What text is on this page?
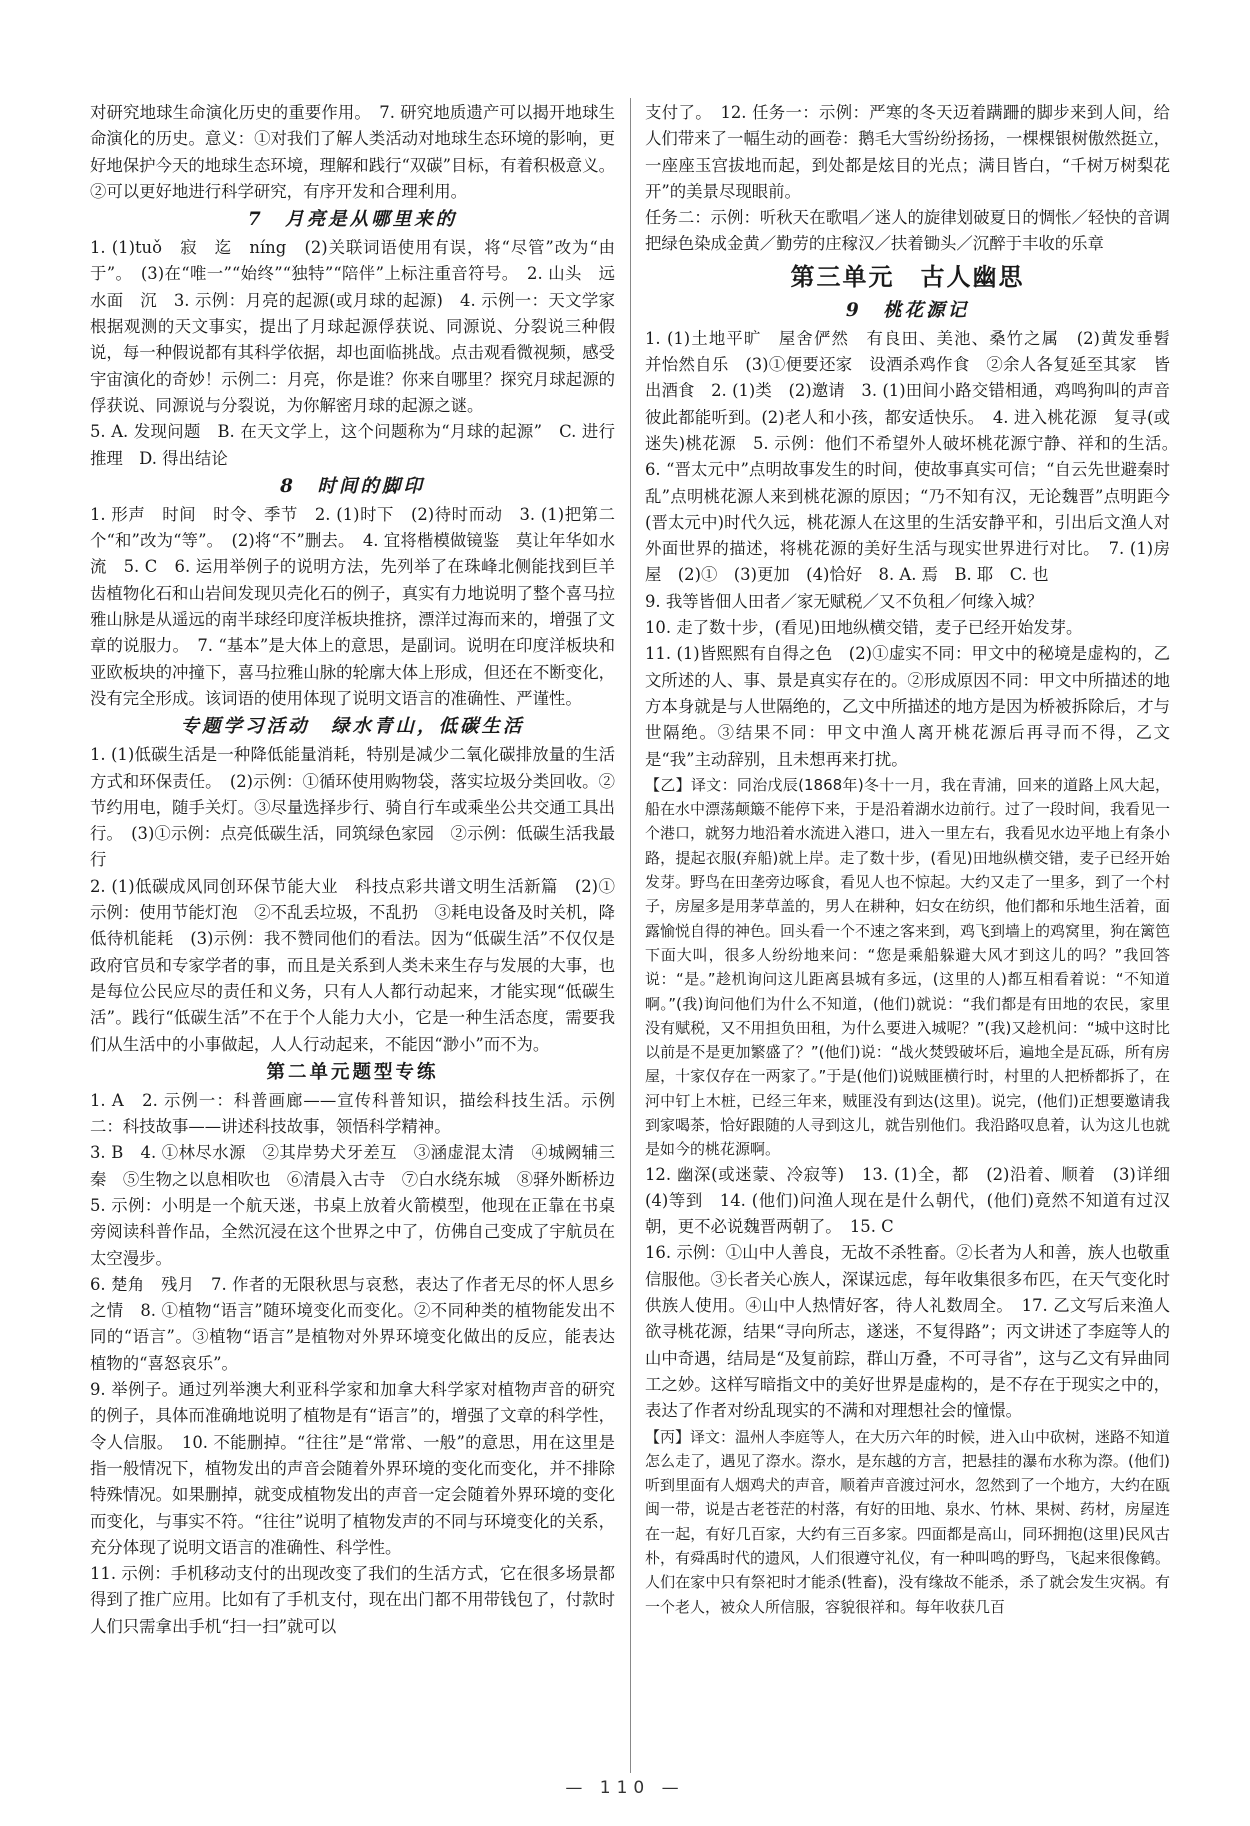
对研究地球生命演化历史的重要作用。　7. 研究地质遗产可以揭开地球生命演化的历史。意义：①对我们了解人类活动对地球生态环境的影响，更好地保护今天的地球生态环境，理解和践行“双碳”目标，有着积极意义。②可以更好地进行科学研究，有序开发和合理利用。

7　月亮是从哪里来的

1. (1)tuǒ　寂　迄　níng　(2)关联词语使用有误，将“尽管”改为“由于”。　(3)在“唯一”“始终”“独特”“陪伴”上标注重音符号。　2. 山头　远　水面　沉　3. 示例：月亮的起源(或月球的起源)　4. 示例一：天文学家根据观测的天文事实，提出了月球起源俘获说、同源说、分裂说三种假说，每一种假说都有其科学依据，却也面临挑战。点击观看微视频，感受宇宙演化的奇妙！示例二：月亮，你是谁？你来自哪里？探究月球起源的俘获说、同源说与分裂说，为你解密月球的起源之谜。

5. A. 发现问题　B. 在天文学上，这个问题称为“月球的起源”　C. 进行推理　D. 得出结论

8　时间的脚印

1. 形声　时间　时令、季节　2. (1)时下　(2)待时而动　3. (1)把第二个“和”改为“等”。　(2)将“不”删去。　4. 宜将楷模做镜鉴　莫让年华如水流　5. C　6. 运用举例子的说明方法，先列举了在珠峰北侧能找到巨羊齿植物化石和山岩间发现贝壳化石的例子，真实有力地说明了整个喜马拉雅山脉是从遥远的南半球经印度洋板块推挤，漂洋过海而来的，增强了文章的说服力。　7. “基本”是大体上的意思，是副词。说明在印度洋板块和亚欧板块的冲撞下，喜马拉雅山脉的轮廓大体上形成，但还在不断变化，没有完全形成。该词语的使用体现了说明文语言的准确性、严谨性。

专题学习活动　绿水青山，低碳生活

1. (1)低碳生活是一种降低能量消耗，特别是减少二氧化碳排放量的生活方式和环保责任。　(2)示例：①循环使用购物袋，落实垃圾分类回收。②节约用电，随手关灯。③尽量选择步行、骑自行车或乘坐公共交通工具出行。　(3)①示例：点亮低碳生活，同筑绿色家园　②示例：低碳生活我最行

2. (1)低碳成风同创环保节能大业　科技点彩共谱文明生活新篇　(2)①示例：使用节能灯泡　②不乱丢垃圾，不乱扔　③耗电设备及时关机，降低待机能耗　(3)示例：我不赞同他们的看法。因为“低碳生活”不仅仅是政府官员和专家学者的事，而且是关系到人类未来生存与发展的大事，也是每位公民应尽的责任和义务，只有人人都行动起来，才能实现“低碳生活”。践行“低碳生活”不在于个人能力大小，它是一种生活态度，需要我们从生活中的小事做起，人人行动起来，不能因“渺小”而不为。

第二单元题型专练

1. A　2. 示例一：科普画廊——宣传科普知识，描绘科技生活。示例二：科技故事——讲述科技故事，领悟科学精神。

3. B　4. ①林尽水源　②其岸势犬牙差互　③涵虚混太清　④城阙辅三秦　⑤生物之以息相吹也　⑥清晨入古寺　⑦白水绕东城　⑧驿外断桥边　5. 示例：小明是一个航天迷，书桌上放着火箭模型，他现在正靠在书桌旁阅读科普作品，全然沉浸在这个世界之中了，仿佛自己变成了宇航员在太空漫步。

6. 楚角　残月　7. 作者的无限秋思与哀愁，表达了作者无尽的怀人思乡之情　8. ①植物“语言”随环境变化而变化。②不同种类的植物能发出不同的“语言”。③植物“语言”是植物对外界环境变化做出的反应，能表达植物的“喜怒哀乐”。

9. 举例子。通过列举澳大利亚科学家和加拿大科学家对植物声音的研究的例子，具体而准确地说明了植物是有“语言”的，增强了文章的科学性，令人信服。　10. 不能删掉。“往往”是“常常、一般”的意思，用在这里是指一般情况下，植物发出的声音会随着外界环境的变化而变化，并不排除特殊情况。如果删掉，就变成植物发出的声音一定会随着外界环境的变化而变化，与事实不符。“往往”说明了植物发声的不同与环境变化的关系，充分体现了说明文语言的准确性、科学性。

11. 示例：手机移动支付的出现改变了我们的生活方式，它在很多场景都得到了推广应用。比如有了手机支付，现在出门都不用带钱包了，付款时人们只需拿出手机“扫一扫”就可以

支付了。　12. 任务一：示例：严寒的冬天迈着蹒跚的脚步来到人间，给人们带来了一幅生动的画卷：鹅毛大雪纷纷扬扬，一棵棵银树傲然挺立，一座座玉宫拔地而起，到处都是炫目的光点；满目皆白，“千树万树梨花开”的美景尽现眼前。

任务二：示例：听秋天在歌唱／迷人的旋律划破夏日的惆怅／轻快的音调把绿色染成金黄／勤劳的庄稼汉／扶着锄头／沉醉于丰收的乐章

第三单元　古人幽思

9　桃花源记

1. (1)土地平旷　屋舍俨然　有良田、美池、桑竹之属　(2)黄发垂髫　并怡然自乐　(3)①便要还家　设酒杀鸡作食　②余人各复延至其家　皆出酒食　2. (1)类　(2)邀请　3. (1)田间小路交错相通，鸡鸣狗叫的声音彼此都能听到。(2)老人和小孩，都安适快乐。　4. 进入桃花源　复寻(或迷失)桃花源　5. 示例：他们不希望外人破坏桃花源宁静、祥和的生活。　6. “晋太元中”点明故事发生的时间，使故事真实可信；“自云先世避秦时乱”点明桃花源人来到桃花源的原因；“乃不知有汉，无论魏晋”点明距今(晋太元中)时代久远，桃花源人在这里的生活安静平和，引出后文渔人对外面世界的描述，将桃花源的美好生活与现实世界进行对比。　7. (1)房屋　(2)①　(3)更加　(4)恰好　8. A. 焉　B. 耶　C. 也

9. 我等皆佃人田者／家无赋税／又不负租／何缘入城？

10. 走了数十步，(看见)田地纵横交错，麦子已经开始发芽。

11. (1)皆熙熙有自得之色　(2)①虚实不同：甲文中的秘境是虚构的，乙文所述的人、事、景是真实存在的。②形成原因不同：甲文中所描述的地方本身就是与人世隔绝的，乙文中所描述的地方是因为桥被拆除后，才与世隔绝。③结果不同：甲文中渔人离开桃花源后再寻而不得，乙文是“我”主动辞别，且未想再来打扰。

【乙】译文：同治戊辰(1868年)冬十一月，我在青浦，回来的道路上风大起，船在水中漂荡颠簸不能停下来，于是沿着湖水边前行。过了一段时间，我看见一个港口，就努力地沿着水流进入港口，进入一里左右，我看见水边平地上有条小路，提起衣服(弃船)就上岸。走了数十步，(看见)田地纵横交错，麦子已经开始发芽。野鸟在田垄旁边啄食，看见人也不惊起。大约又走了一里多，到了一个村子，房屋多是用茅草盖的，男人在耕种，妇女在纺织，他们都和乐地生活着，面露愉悦自得的神色。回头看一个不速之客来到，鸡飞到墙上的鸡窝里，狗在篱笆下面大叫，很多人纷纷地来问：“您是乘船躲避大风才到这儿的吗？”我回答说：“是。”趁机询问这儿距离县城有多远，(这里的人)都互相看着说：“不知道啊。”(我)询问他们为什么不知道，(他们)就说：“我们都是有田地的农民，家里没有赋税，又不用担负田租，为什么要进入城呢？”(我)又趁机问：“城中这时比以前是不是更加繁盛了？”(他们)说：“战火焚毁破坏后，遍地全是瓦砾，所有房屋，十家仅存在一两家了。”于是(他们)说贼匪横行时，村里的人把桥都拆了，在河中钉上木桩，已经三年来，贼匪没有到达(这里)。说完，(他们)正想要邀请我到家喝茶，恰好跟随的人寻到这儿，就告别他们。我沿路叹息着，认为这儿也就是如今的桃花源啊。

12. 幽深(或迷蒙、冷寂等)　13. (1)全，都　(2)沿着、顺着　(3)详细　(4)等到　14. (他们)问渔人现在是什么朝代，(他们)竟然不知道有过汉朝，更不必说魏晋两朝了。　15. C

16. 示例：①山中人善良，无故不杀牲畜。②长者为人和善，族人也敬重信服他。③长者关心族人，深谋远虑，每年收集很多布匹，在天气变化时供族人使用。④山中人热情好客，待人礼数周全。　17. 乙文写后来渔人欲寻桃花源，结果“寻向所志，遂迷，不复得路”；丙文讲述了李庭等人的山中奇遇，结局是“及复前踪，群山万叠，不可寻省”，这与乙文有异曲同工之妙。这样写暗指文中的美好世界是虚构的，是不存在于现实之中的，表达了作者对纷乱现实的不满和对理想社会的憧憬。

【丙】译文：温州人李庭等人，在大历六年的时候，进入山中砍树，迷路不知道怎么走了，遇见了漈水。漈水，是东越的方言，把悬挂的瀑布水称为漈。(他们)听到里面有人烟鸡犬的声音，顺着声音渡过河水，忽然到了一个地方，大约在瓯闽一带，说是古老苍茫的村落，有好的田地、泉水、竹林、果树、药材，房屋连在一起，有好几百家，大约有三百多家。四面都是高山，同环拥抱(这里)民风古朴，有舜禹时代的遗风，人们很遵守礼仪，有一种叫鸣的野鸟，飞起来很像鹤。人们在家中只有祭祀时才能杀(牲畜)，没有缘故不能杀，杀了就会发生灾祸。有一个老人，被众人所信服，容貌很祥和。每年收获几百

— 110 —
